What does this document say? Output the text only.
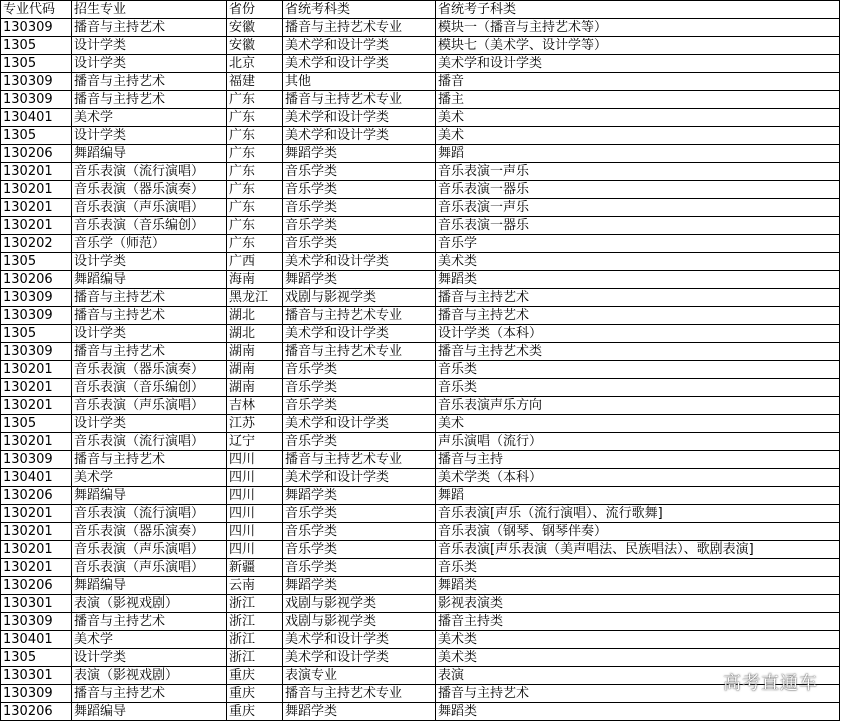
专业代码	招生专业	省份	省统考科类	省统考子科类
130309	播音与主持艺术	安徽	播音与主持艺术专业	模块一（播音与主持艺术等）
1305	设计学类	安徽	美术学和设计学类	模块七（美术学、设计学等）
1305	设计学类	北京	美术学和设计学类	美术学和设计学类
130309	播音与主持艺术	福建	其他	播音
130309	播音与主持艺术	广东	播音与主持艺术专业	播主
130401	美术学	广东	美术学和设计学类	美术
1305	设计学类	广东	美术学和设计学类	美术
130206	舞蹈编导	广东	舞蹈学类	舞蹈
130201	音乐表演（流行演唱）	广东	音乐学类	音乐表演一声乐
130201	音乐表演（器乐演奏）	广东	音乐学类	音乐表演一器乐
130201	音乐表演（声乐演唱）	广东	音乐学类	音乐表演一声乐
130201	音乐表演（音乐编创）	广东	音乐学类	音乐表演一器乐
130202	音乐学（师范）	广东	音乐学类	音乐学
1305	设计学类	广西	美术学和设计学类	美术类
130206	舞蹈编导	海南	舞蹈学类	舞蹈类
130309	播音与主持艺术	黑龙江	戏剧与影视学类	播音与主持艺术
130309	播音与主持艺术	湖北	播音与主持艺术专业	播音与主持艺术
1305	设计学类	湖北	美术学和设计学类	设计学类（本科）
130309	播音与主持艺术	湖南	播音与主持艺术专业	播音与主持艺术类
130201	音乐表演（器乐演奏）	湖南	音乐学类	音乐类
130201	音乐表演（音乐编创）	湖南	音乐学类	音乐类
130201	音乐表演（声乐演唱）	吉林	音乐学类	音乐表演声乐方向
1305	设计学类	江苏	美术学和设计学类	美术
130201	音乐表演（流行演唱）	辽宁	音乐学类	声乐演唱（流行）
130309	播音与主持艺术	四川	播音与主持艺术专业	播音与主持
130401	美术学	四川	美术学和设计学类	美术学类（本科）
130206	舞蹈编导	四川	舞蹈学类	舞蹈
130201	音乐表演（流行演唱）	四川	音乐学类	音乐表演[声乐（流行演唱）、流行歌舞]
130201	音乐表演（器乐演奏）	四川	音乐学类	音乐表演（钢琴、钢琴伴奏）
130201	音乐表演（声乐演唱）	四川	音乐学类	音乐表演[声乐表演（美声唱法、民族唱法）、歌剧表演]
130201	音乐表演（声乐演唱）	新疆	音乐学类	音乐类
130206	舞蹈编导	云南	舞蹈学类	舞蹈类
130301	表演（影视戏剧）	浙江	戏剧与影视学类	影视表演类
130309	播音与主持艺术	浙江	戏剧与影视学类	播音主持类
130401	美术学	浙江	美术学和设计学类	美术类
1305	设计学类	浙江	美术学和设计学类	美术类
130301	表演（影视戏剧）	重庆	表演专业	表演
130309	播音与主持艺术	重庆	播音与主持艺术专业	播音与主持艺术
130206	舞蹈编导	重庆	舞蹈学类	舞蹈类
高考直通车
